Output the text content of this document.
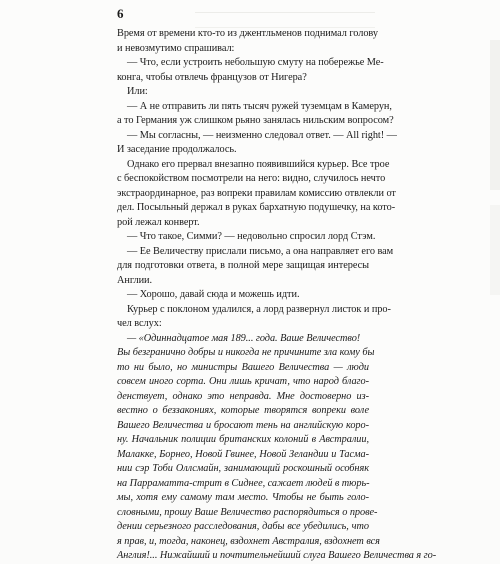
6
Время от времени кто-то из джентльменов поднимал голову
и невозмутимо спрашивал:
— Что, если устроить небольшую смуту на побережье Ме-
конга, чтобы отвлечь французов от Нигера?
Или:
— А не отправить ли пять тысяч ружей туземцам в Камерун,
а то Германия уж слишком рьяно занялась нильским вопросом?
— Мы согласны, — неизменно следовал ответ. — All right! —
И заседание продолжалось.
Однако его прервал внезапно появившийся курьер. Все трое
с беспокойством посмотрели на него: видно, случилось нечто
экстраординарное, раз вопреки правилам комиссию отвлекли от
дел. Посыльный держал в руках бархатную подушечку, на кото-
рой лежал конверт.
— Что такое, Симми? — недовольно спросил лорд Стэм.
— Ее Величеству прислали письмо, а она направляет его вам
для подготовки ответа, в полной мере защищая интересы
Англии.
— Хорошо, давай сюда и можешь идти.
Курьер с поклоном удалился, а лорд развернул листок и про-
чел вслух:
— «Одиннадцатое мая 189... года. Ваше Величество!
Вы безгранично добры и никогда не причините зла кому бы
то ни было, но министры Вашего Величества — люди
совсем иного сорта. Они лишь кричат, что народ благо-
денствует, однако это неправда. Мне достоверно из-
вестно о беззакониях, которые творятся вопреки воле
Вашего Величества и бросают тень на английскую коро-
ну. Начальник полиции британских колоний в Австралии,
Малакке, Борнео, Новой Гвинее, Новой Зеландии и Тасма-
нии сэр Тоби Оллсмайн, занимающий роскошный особняк
на Парраматта-стрит в Сиднее, сажает людей в тюрь-
мы, хотя ему самому там место. Чтобы не быть голо-
словными, прошу Ваше Величество распорядиться о прове-
дении серьезного расследования, дабы все убедились, что
я прав, и, тогда, наконец, вздохнет Австралия, вздохнет вся
Англия!... Нижайший и почтительнейший слуга Вашего Величества я го-
